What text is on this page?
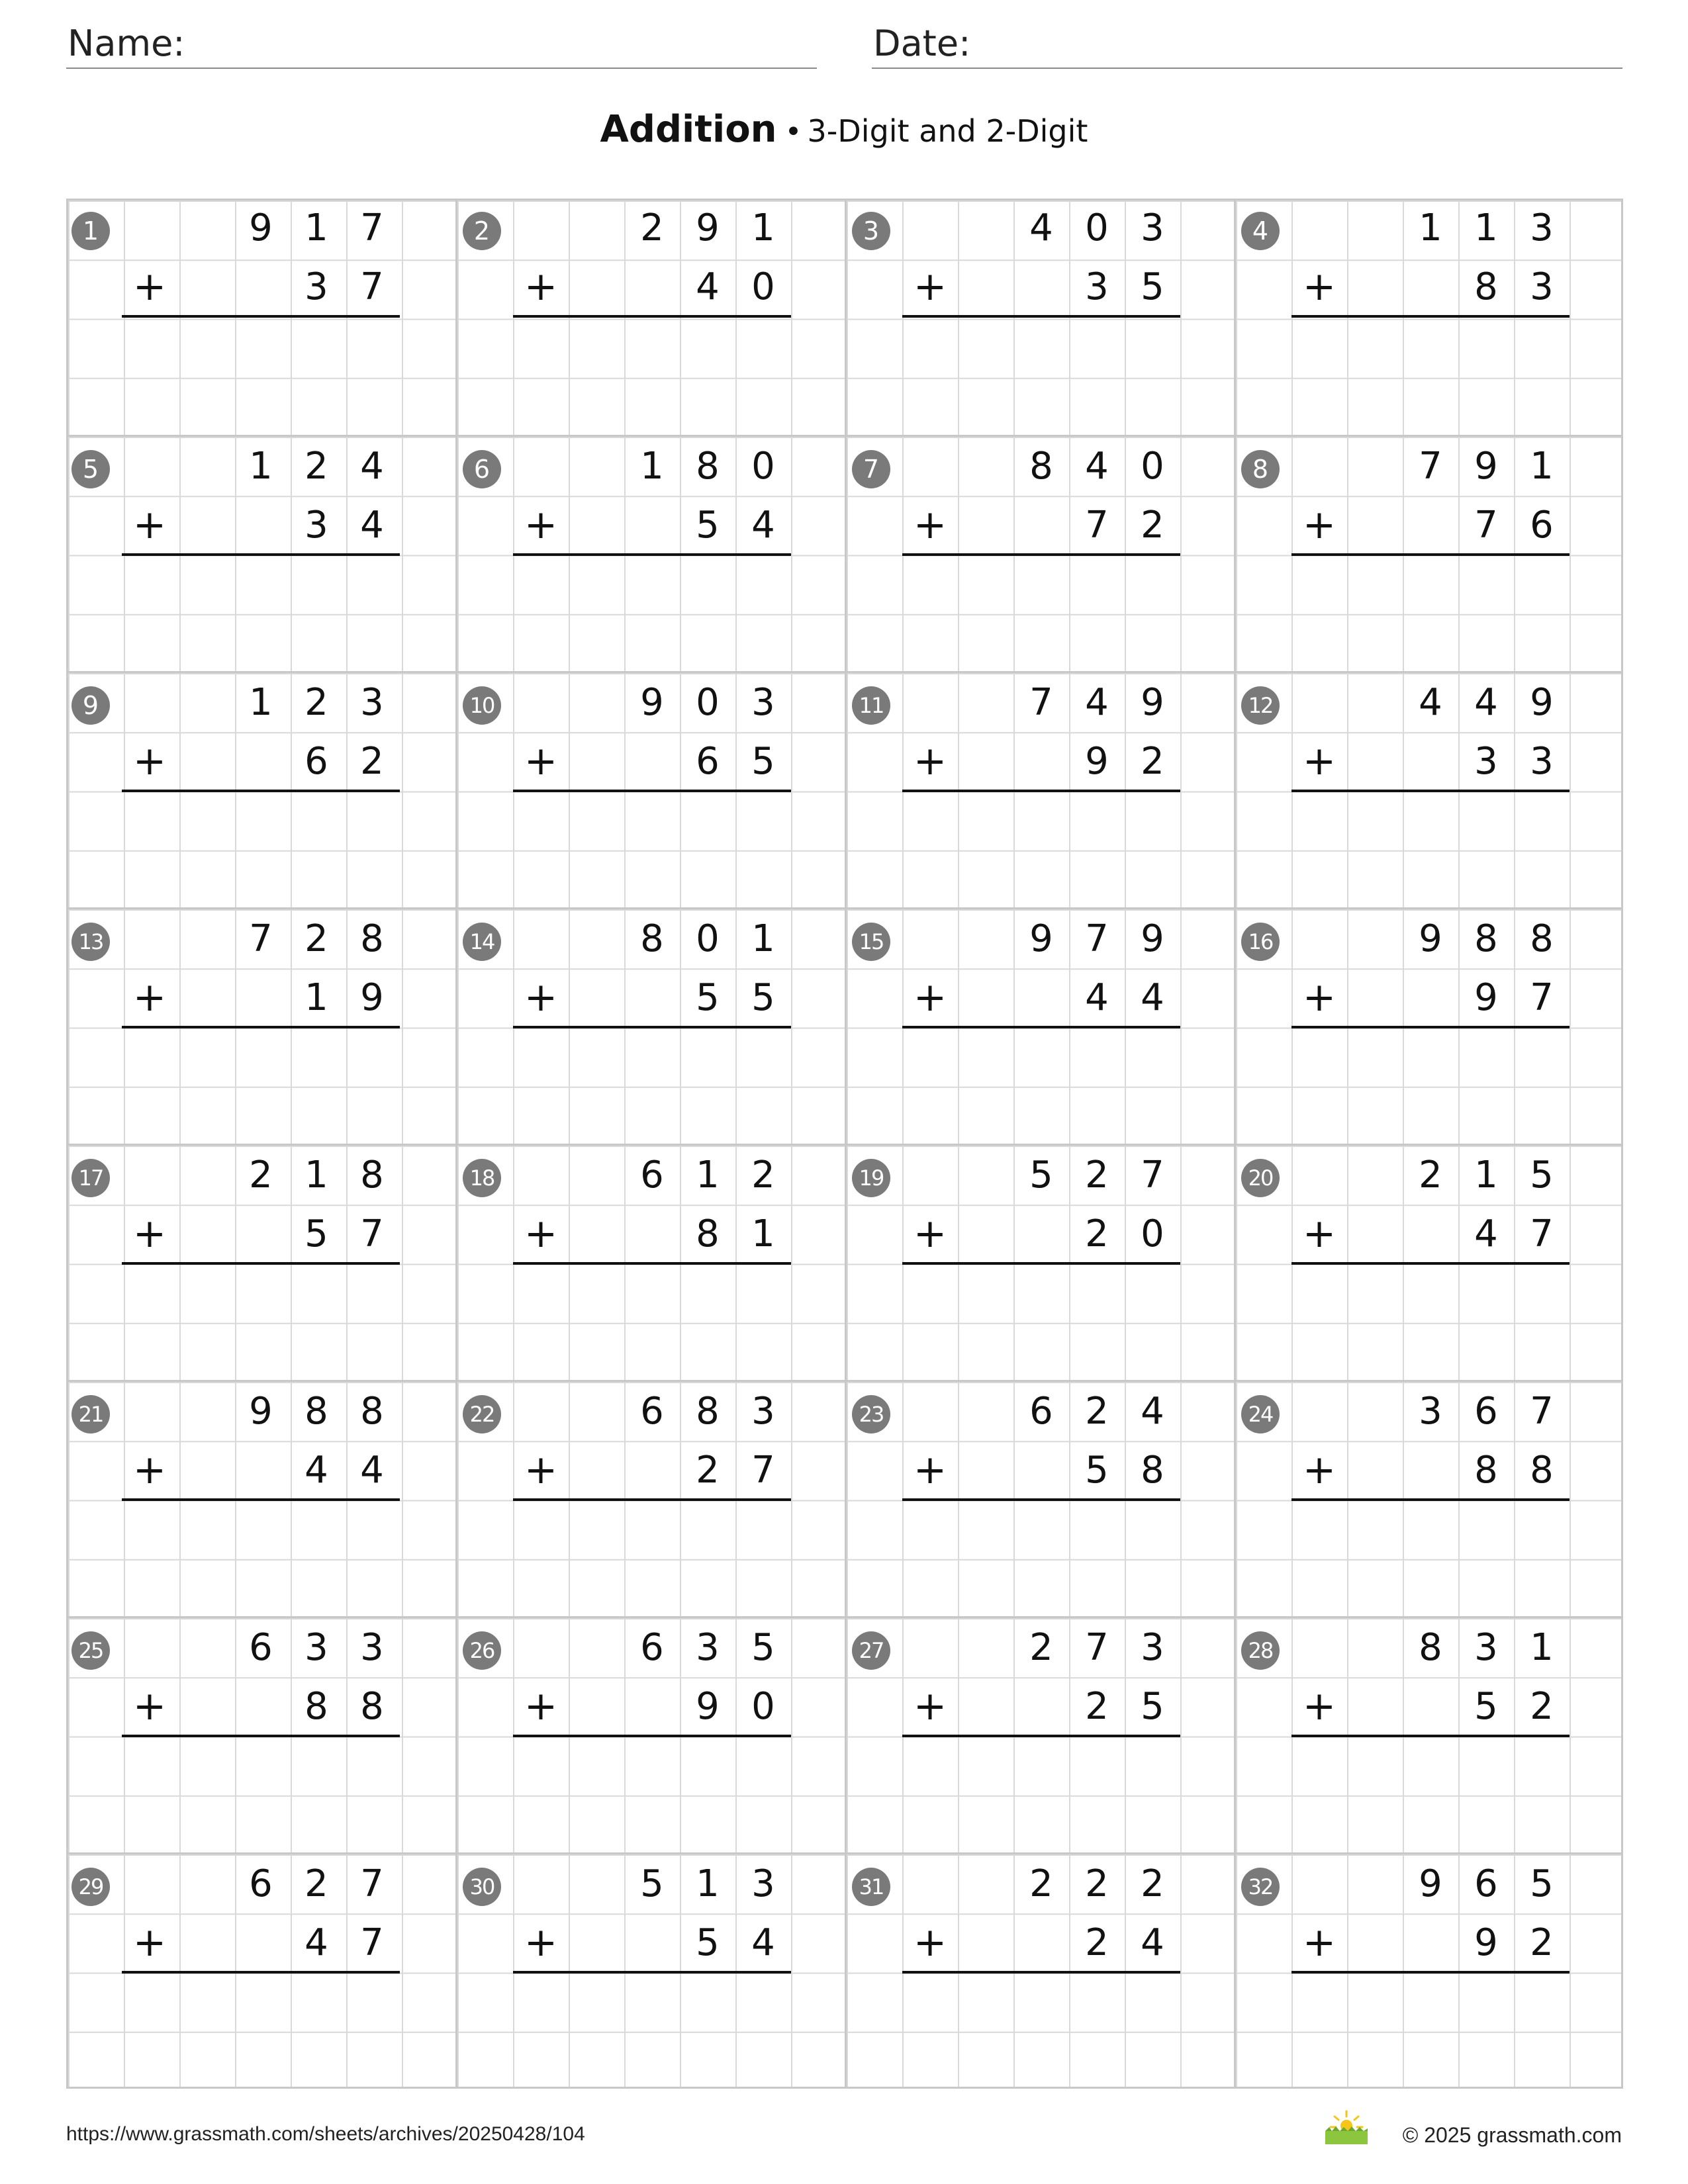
Name:	Date:
Addition • 3-Digit and 2-Digit
1	9 1 7
+	3 7
2	2 9 1
+	4 0
3	4 0 3
+	3 5
4	1 1 3
+	8 3
5	1 2 4
+	3 4
6	1 8 0
+	5 4
7	8 4 0
+	7 2
8	7 9 1
+	7 6
9	1 2 3
+	6 2
10	9 0 3
+	6 5
11	7 4 9
+	9 2
12	4 4 9
+	3 3
13	7 2 8
+	1 9
14	8 0 1
+	5 5
15	9 7 9
+	4 4
16	9 8 8
+	9 7
17	2 1 8
+	5 7
18	6 1 2
+	8 1
19	5 2 7
+	2 0
20	2 1 5
+	4 7
21	9 8 8
+	4 4
22	6 8 3
+	2 7
23	6 2 4
+	5 8
24	3 6 7
+	8 8
25	6 3 3
+	8 8
26	6 3 5
+	9 0
27	2 7 3
+	2 5
28	8 3 1
+	5 2
29	6 2 7
+	4 7
30	5 1 3
+	5 4
31	2 2 2
+	2 4
32	9 6 5
+	9 2
https://www.grassmath.com/sheets/archives/20250428/104	© 2025 grassmath.com
